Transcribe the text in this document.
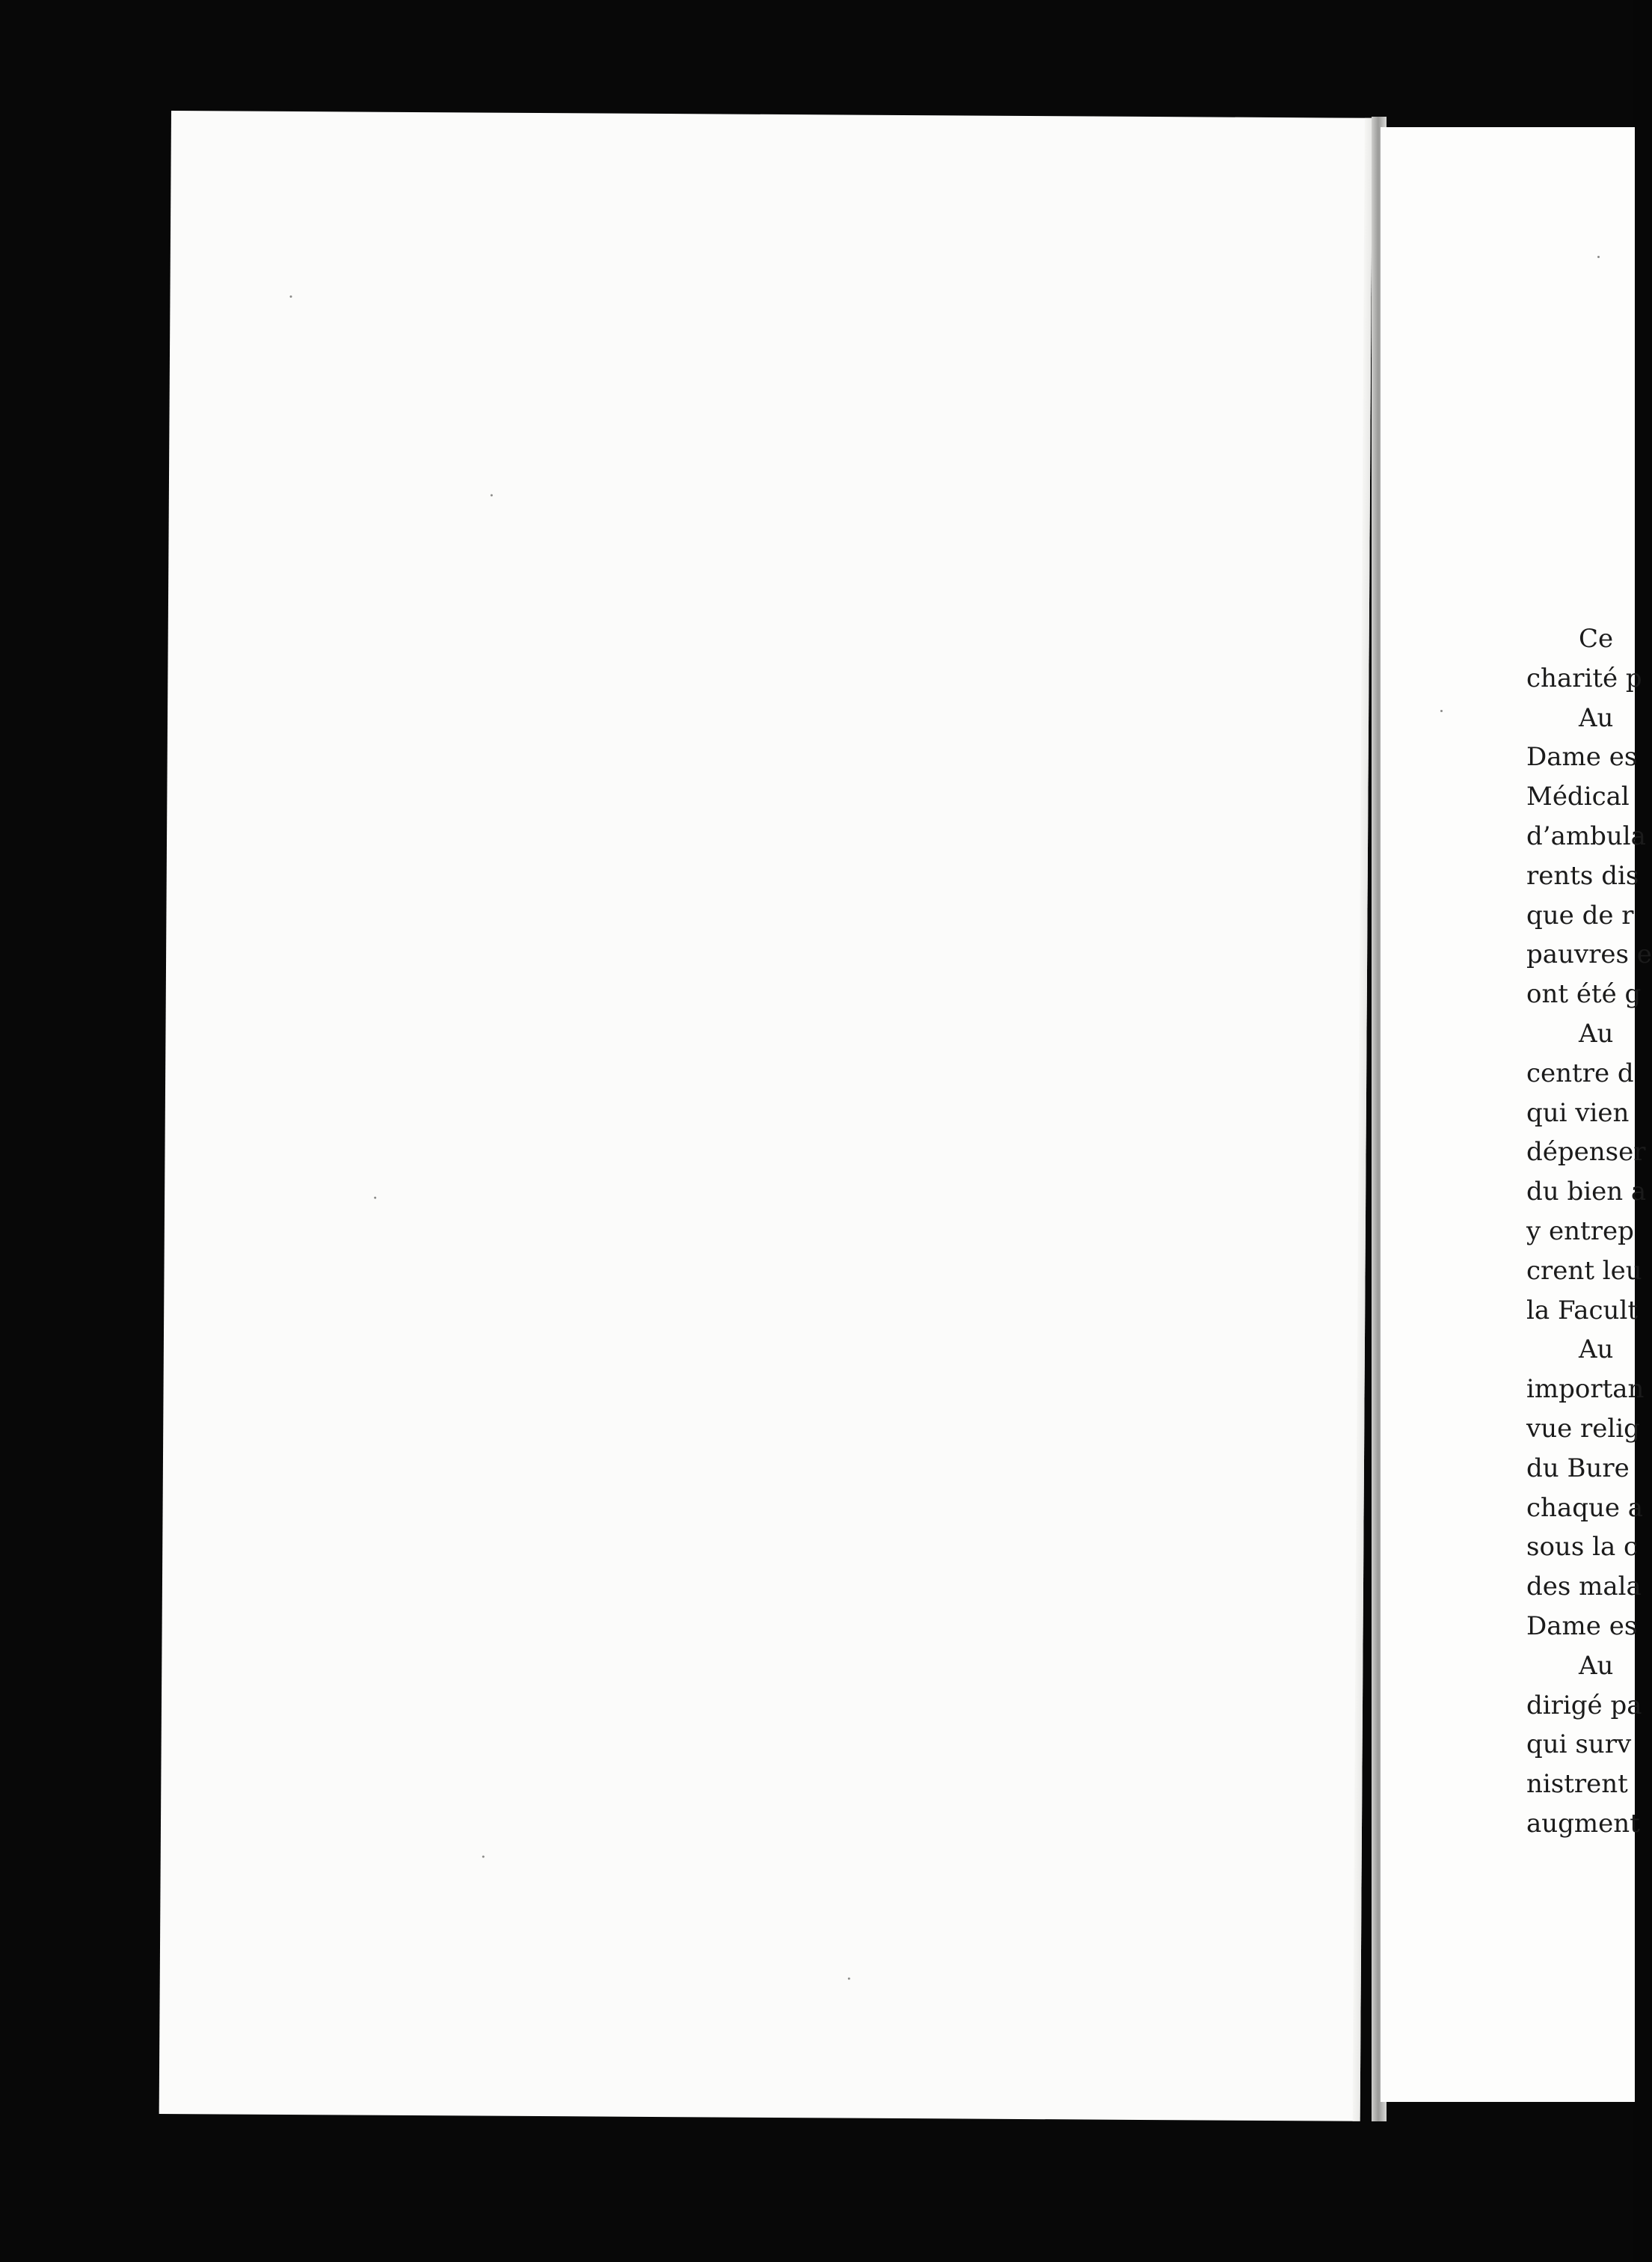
Ce
charité p
Au
Dame es
Médical
d’ambula
rents dis
que de r
pauvres e
ont été g
Au
centre d
qui vien
dépenser
du bien a
y entrep
crent leu
la Facult
Au
importan
vue relig
du Bure
chaque a
sous la c
des mala
Dame es
Au
dirigé pa
qui surv
nistrent
augment
